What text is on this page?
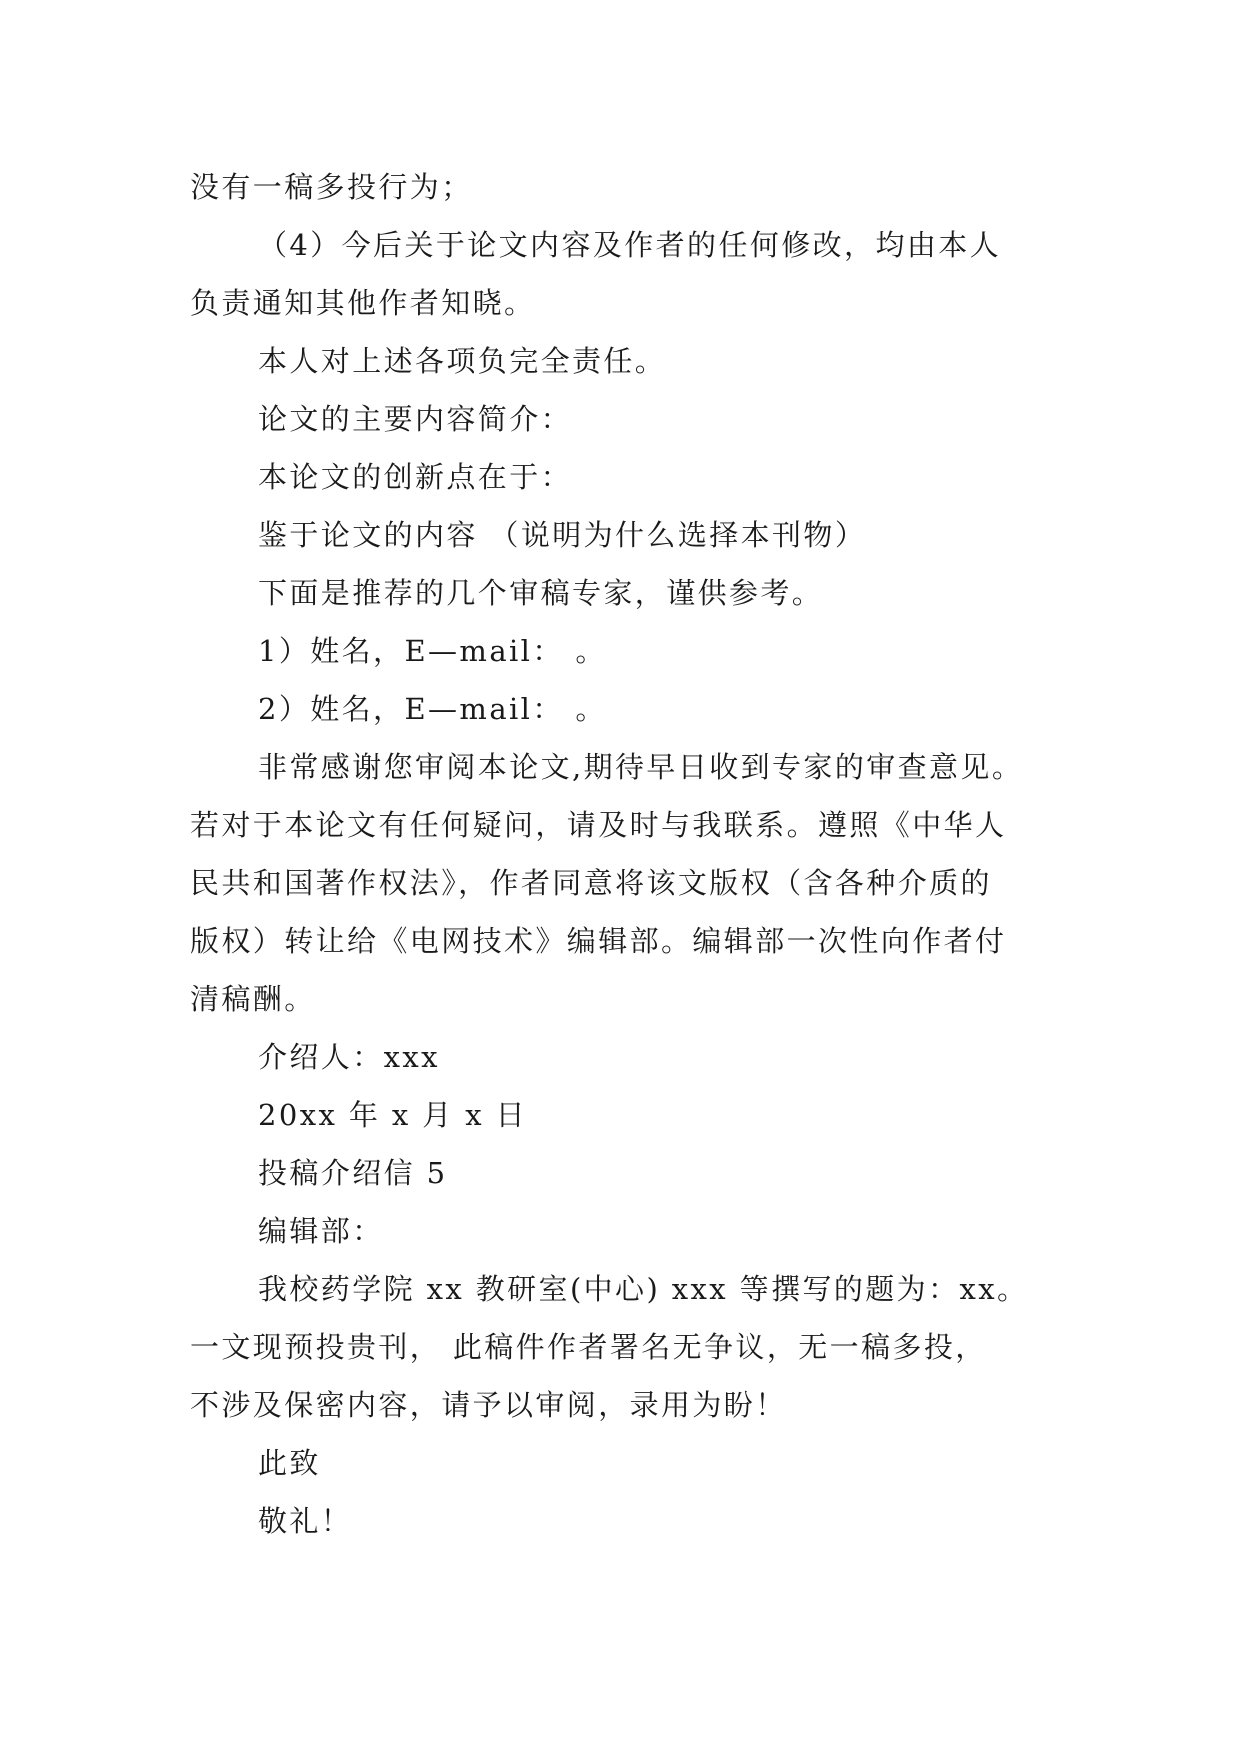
没有一稿多投行为；
（4）今后关于论文内容及作者的任何修改，均由本人
负责通知其他作者知晓。
本人对上述各项负完全责任。
论文的主要内容简介：
本论文的创新点在于：
鉴于论文的内容 （说明为什么选择本刊物）
下面是推荐的几个审稿专家，谨供参考。
1）姓名，E—mail： 。
2）姓名，E—mail： 。
非常感谢您审阅本论文,期待早日收到专家的审查意见。
若对于本论文有任何疑问，请及时与我联系。遵照《中华人
民共和国著作权法》，作者同意将该文版权（含各种介质的
版权）转让给《电网技术》编辑部。编辑部一次性向作者付
清稿酬。
介绍人：xxx
20xx 年 x 月 x 日
投稿介绍信 5
编辑部：
我校药学院 xx 教研室(中心) xxx 等撰写的题为：xx。
一文现预投贵刊， 此稿件作者署名无争议，无一稿多投，
不涉及保密内容，请予以审阅，录用为盼！
此致
敬礼！
